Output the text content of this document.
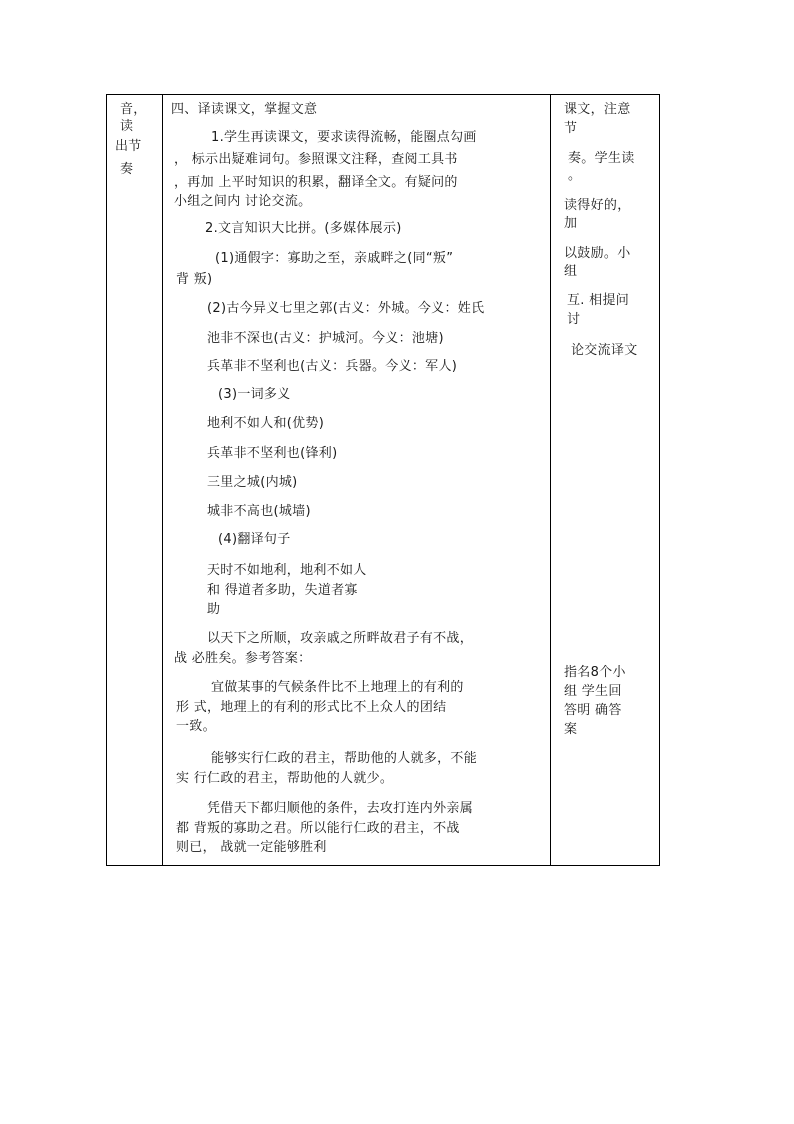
音，
读
出节
奏
四、译读课文，掌握文意
1.学生再读课文，要求读得流畅，能圈点勾画
， 标示出疑难词句。参照课文注释，查阅工具书
，再加 上平时知识的积累，翻译全文。有疑问的
小组之间内 讨论交流。
2.文言知识大比拼。(多媒体展示)
(1)通假字：寡助之至，亲戚畔之(同“叛”
背 叛)
(2)古今异义七里之郭(古义：外城。今义：姓氏
池非不深也(古义：护城河。今义：池塘)
兵革非不坚利也(古义：兵器。今义：军人)
(3)一词多义
地利不如人和(优势)
兵革非不坚利也(锋利)
三里之城(内城)
城非不高也(城墙)
(4)翻译句子
天时不如地利，地利不如人
和 得道者多助，失道者寡
助
以天下之所顺，攻亲戚之所畔故君子有不战，
战 必胜矣。参考答案：
宜做某事的气候条件比不上地理上的有利的
形 式，地理上的有利的形式比不上众人的团结
一致。
能够实行仁政的君主，帮助他的人就多，不能
实 行仁政的君主，帮助他的人就少。
凭借天下都归顺他的条件，去攻打连内外亲属
都 背叛的寡助之君。所以能行仁政的君主，不战
则已， 战就一定能够胜利
课文，注意
节
奏。学生读
。
读得好的，
加
以鼓励。小
组
互. 相提问
讨
论交流译文
指名8个小
组 学生回
答明 确答
案
